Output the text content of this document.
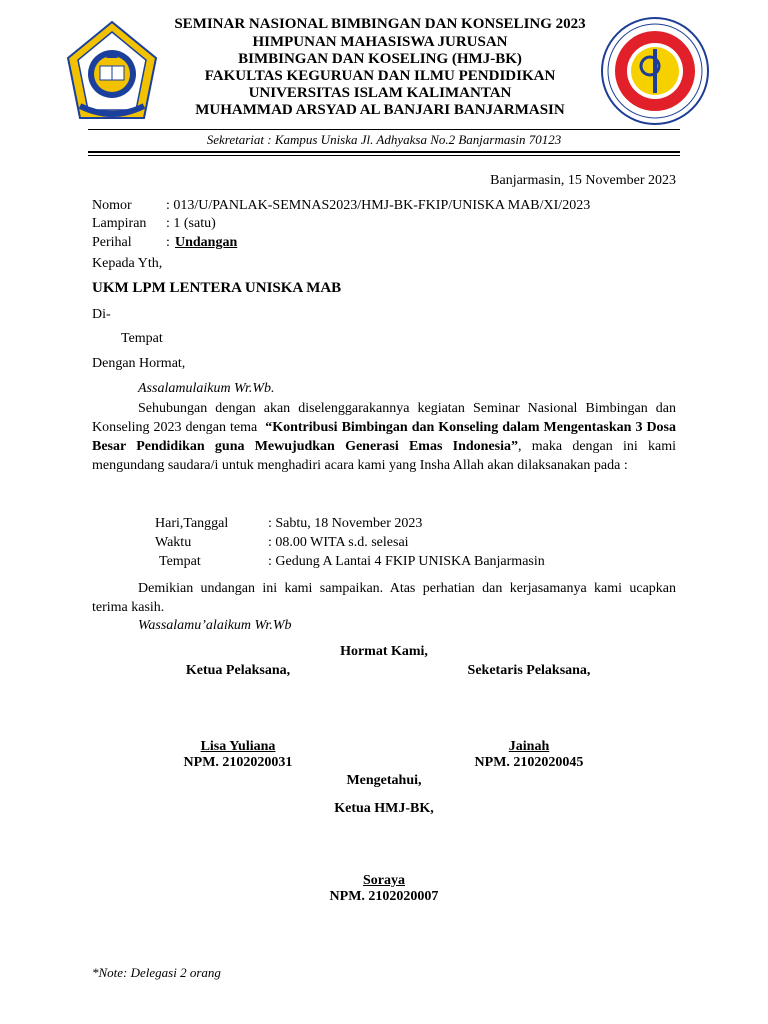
SEMINAR NASIONAL BIMBINGAN DAN KONSELING 2023
HIMPUNAN MAHASISWA JURUSAN
BIMBINGAN DAN KOSELING (HMJ-BK)
FAKULTAS KEGURUAN DAN ILMU PENDIDIKAN
UNIVERSITAS ISLAM KALIMANTAN
MUHAMMAD ARSYAD AL BANJARI BANJARMASIN
Sekretariat : Kampus Uniska Jl. Adhyaksa No.2 Banjarmasin 70123
Banjarmasin, 15 November 2023
Nomor : 013/U/PANLAK-SEMNAS2023/HMJ-BK-FKIP/UNISKA MAB/XI/2023
Lampiran : 1 (satu)
Perihal : Undangan
Kepada Yth,
UKM LPM LENTERA UNISKA MAB
Di-
Tempat
Dengan Hormat,
Assalamulaikum Wr.Wb.
Sehubungan dengan akan diselenggarakannya kegiatan Seminar Nasional Bimbingan dan Konseling 2023 dengan tema “Kontribusi Bimbingan dan Konseling dalam Mengentaskan 3 Dosa Besar Pendidikan guna Mewujudkan Generasi Emas Indonesia”, maka dengan ini kami mengundang saudara/i untuk menghadiri acara kami yang Insha Allah akan dilaksanakan pada :
Hari,Tanggal	: Sabtu, 18 November 2023
Waktu	: 08.00 WITA s.d. selesai
Tempat	: Gedung A Lantai 4 FKIP UNISKA Banjarmasin
Demikian undangan ini kami sampaikan. Atas perhatian dan kerjasamanya kami ucapkan terima kasih.
Wassalamu’alaikum Wr.Wb
Hormat Kami,
Ketua Pelaksana,	Seketaris Pelaksana,
Lisa Yuliana
NPM. 2102020031
Jainah
NPM. 2102020045
Mengetahui,
Ketua HMJ-BK,
Soraya
NPM. 2102020007
*Note: Delegasi 2 orang
